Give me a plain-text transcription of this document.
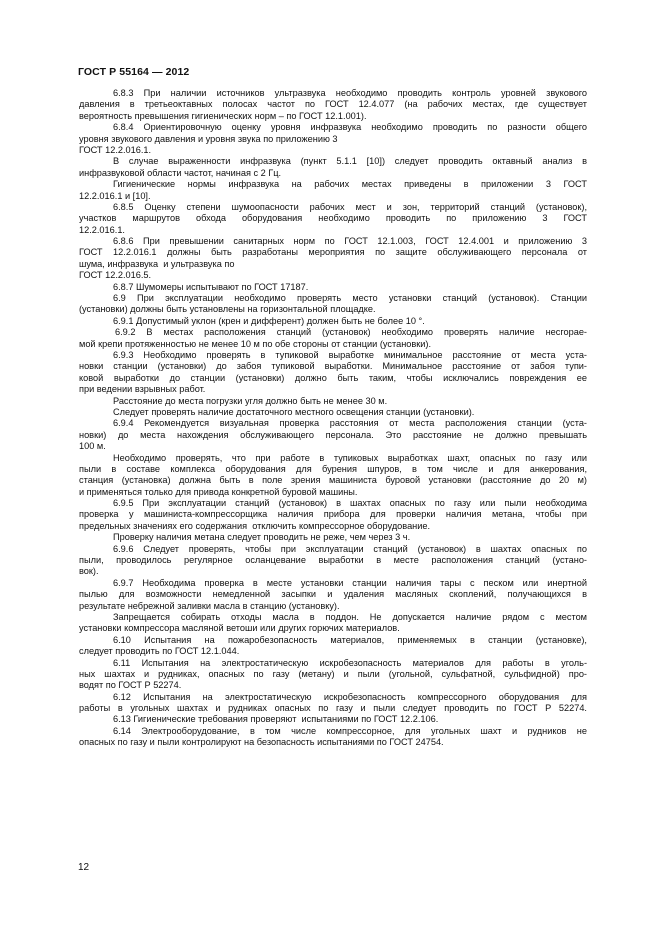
ГОСТ Р 55164 — 2012
6.8.3 При наличии источников ультразвука необходимо проводить контроль уровней звукового
давления в третьеоктавных полосах частот по ГОСТ 12.4.077 (на рабочих местах, где существует
вероятность превышения гигиенических норм – по ГОСТ 12.1.001).
6.8.4 Ориентировочную оценку уровня инфразвука необходимо проводить по разности общего
уровня звукового давления и уровня звука по приложению 3
ГОСТ 12.2.016.1.
В случае выраженности инфразвука (пункт 5.1.1 [10]) следует проводить октавный анализ в
инфразвуковой области частот, начиная с 2 Гц.
Гигиенические нормы инфразвука на рабочих местах приведены в приложении 3 ГОСТ
12.2.016.1 и [10].
6.8.5 Оценку степени шумоопасности рабочих мест и зон, территорий станций (установок),
участков маршрутов обхода оборудования необходимо проводить по приложению 3 ГОСТ
12.2.016.1.
6.8.6 При превышении санитарных норм по ГОСТ 12.1.003, ГОСТ 12.4.001 и приложению 3
ГОСТ 12.2.016.1 должны быть разработаны мероприятия по защите обслуживающего персонала от
шума, инфразвука  и ультразвука по
ГОСТ 12.2.016.5.
6.8.7 Шумомеры испытывают по ГОСТ 17187.
6.9 При эксплуатации необходимо проверять место установки станций (установок). Станции
(установки) должны быть установлены на горизонтальной площадке.
6.9.1 Допустимый уклон (крен и дифферент) должен быть не более 10 °.
6.9.2 В местах расположения станций (установок) необходимо проверять наличие несгорае-
мой крепи протяженностью не менее 10 м по обе стороны от станции (установки).
6.9.3 Необходимо проверять в тупиковой выработке минимальное расстояние от места уста-
новки станции (установки) до забоя тупиковой выработки. Минимальное расстояние от забоя тупи-
ковой выработки до станции (установки) должно быть таким, чтобы исключались повреждения ее
при ведении взрывных работ.
Расстояние до места погрузки угля должно быть не менее 30 м.
Следует проверять наличие достаточного местного освещения станции (установки).
6.9.4 Рекомендуется визуальная проверка расстояния от места расположения станции (уста-
новки) до места нахождения обслуживающего персонала. Это расстояние не должно превышать
100 м.
Необходимо проверять, что при работе в тупиковых выработках шахт, опасных по газу или
пыли в составе комплекса оборудования для бурения шпуров, в том числе и для анкерования,
станция (установка) должна быть в поле зрения машиниста буровой установки (расстояние до 20 м)
и применяться только для привода конкретной буровой машины.
6.9.5 При эксплуатации станций (установок) в шахтах опасных по газу или пыли необходима
проверка у машиниста-компрессорщика наличия прибора для проверки наличия метана, чтобы при
предельных значениях его содержания  отключить компрессорное оборудование.
Проверку наличия метана следует проводить не реже, чем через 3 ч.
6.9.6 Следует проверять, чтобы при эксплуатации станций (установок) в шахтах опасных по
пыли, проводилось регулярное осланцевание выработки в месте расположения станций (устано-
вок).
6.9.7 Необходима проверка в месте установки станции наличия тары с песком или инертной
пылью для возможности немедленной засыпки и удаления масляных скоплений, получающихся в
результате небрежной заливки масла в станцию (установку).
Запрещается собирать отходы масла в поддон. Не допускается наличие рядом с местом
установки компрессора масляной ветоши или других горючих материалов.
6.10 Испытания на пожаробезопасность материалов, применяемых в станции (установке),
следует проводить по ГОСТ 12.1.044.
6.11 Испытания на электростатическую искробезопасность материалов для работы в уголь-
ных шахтах и рудниках, опасных по газу (метану) и пыли (угольной, сульфатной, сульфидной) про-
водят по ГОСТ Р 52274.
6.12 Испытания на электростатическую искробезопасность компрессорного оборудования для
работы в угольных шахтах и рудниках опасных по газу и пыли следует проводить по ГОСТ Р 52274.
6.13 Гигиенические требования проверяют  испытаниями по ГОСТ 12.2.106.
6.14 Электрооборудование, в том числе компрессорное, для угольных шахт и рудников не
опасных по газу и пыли контролируют на безопасность испытаниями по ГОСТ 24754.
12
